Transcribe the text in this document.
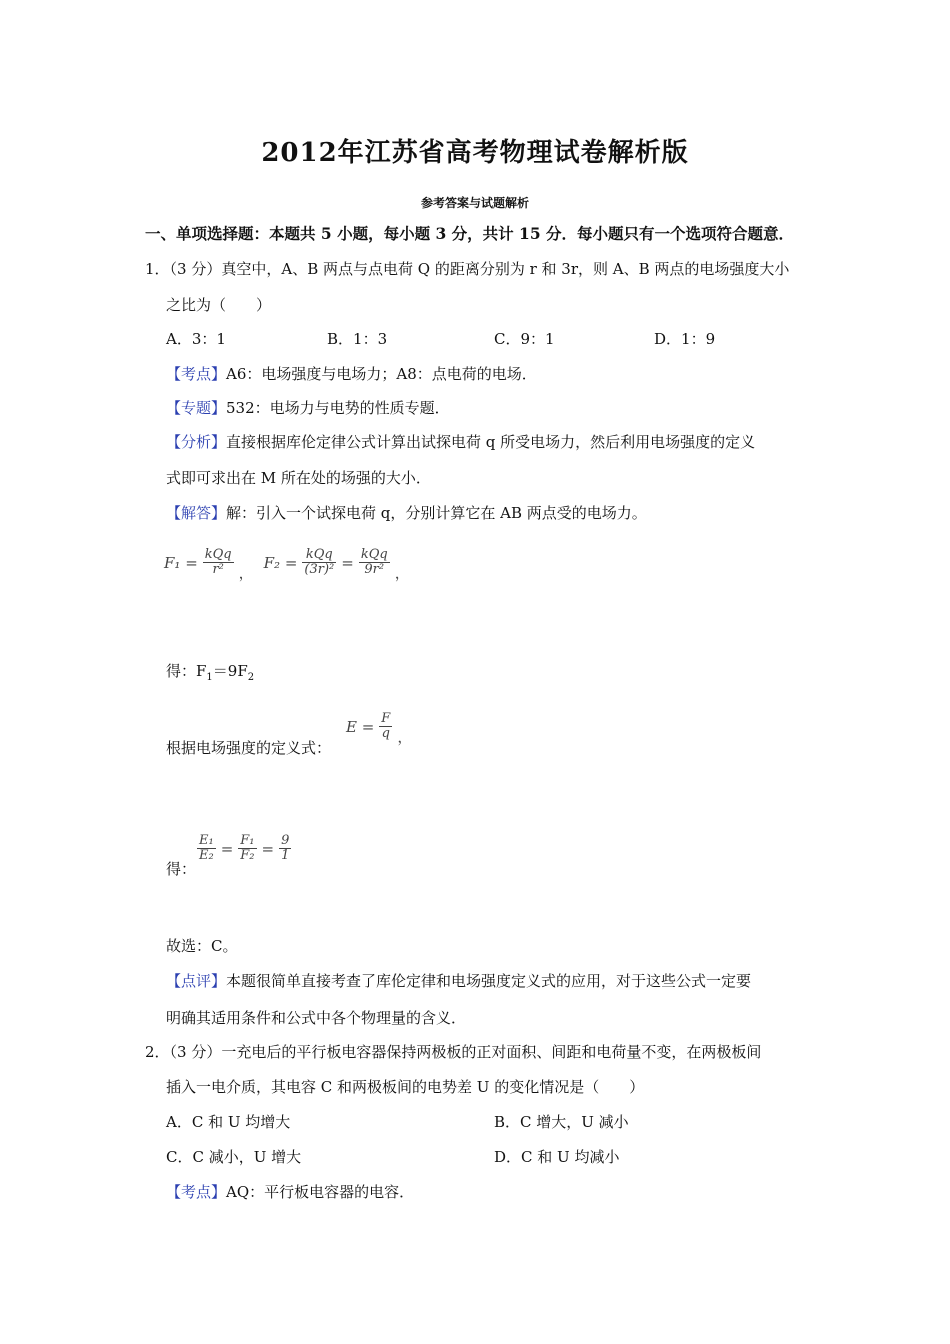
2012年江苏省高考物理试卷解析版
参考答案与试题解析
一、单项选择题：本题共 5 小题，每小题 3 分，共计 15 分．每小题只有一个选项符合题意．
1．（3 分）真空中，A、B 两点与点电荷 Q 的距离分别为 r 和 3r，则 A、B 两点的电场强度大小
之比为（　　）
A．3：1	B．1：3	C．9：1	D．1：9
【考点】A6：电场强度与电场力；A8：点电荷的电场．
【专题】532：电场力与电势的性质专题．
【分析】直接根据库伦定律公式计算出试探电荷 q 所受电场力，然后利用电场强度的定义
式即可求出在 M 所在处的场强的大小．
【解答】解：引入一个试探电荷 q，分别计算它在 AB 两点受的电场力。
$F_1 = \frac{\text{kQq}}{\text{r²}}$ ，
$F_2 = \frac{\text{kQq}}{\text{(3r)²}} = \frac{\text{kQq}}{\text{9r²}}$ ，
得：$F_1=9F_2$
根据电场强度的定义式：
$E = \frac{F}{q}$ ，
得：
$\frac{\text{E₁}}{\text{E₂}} = \frac{\text{F₁}}{\text{F₂}} = \frac{9}{1}$
故选：C。
【点评】本题很简单直接考查了库伦定律和电场强度定义式的应用，对于这些公式一定要
明确其适用条件和公式中各个物理量的含义．
2．（3 分）一充电后的平行板电容器保持两极板的正对面积、间距和电荷量不变，在两极板间
插入一电介质，其电容 C 和两极板间的电势差 U 的变化情况是（　　）
A．C 和 U 均增大	B．C 增大，U 减小
C．C 减小，U 增大	D．C 和 U 均减小
【考点】AQ：平行板电容器的电容．
